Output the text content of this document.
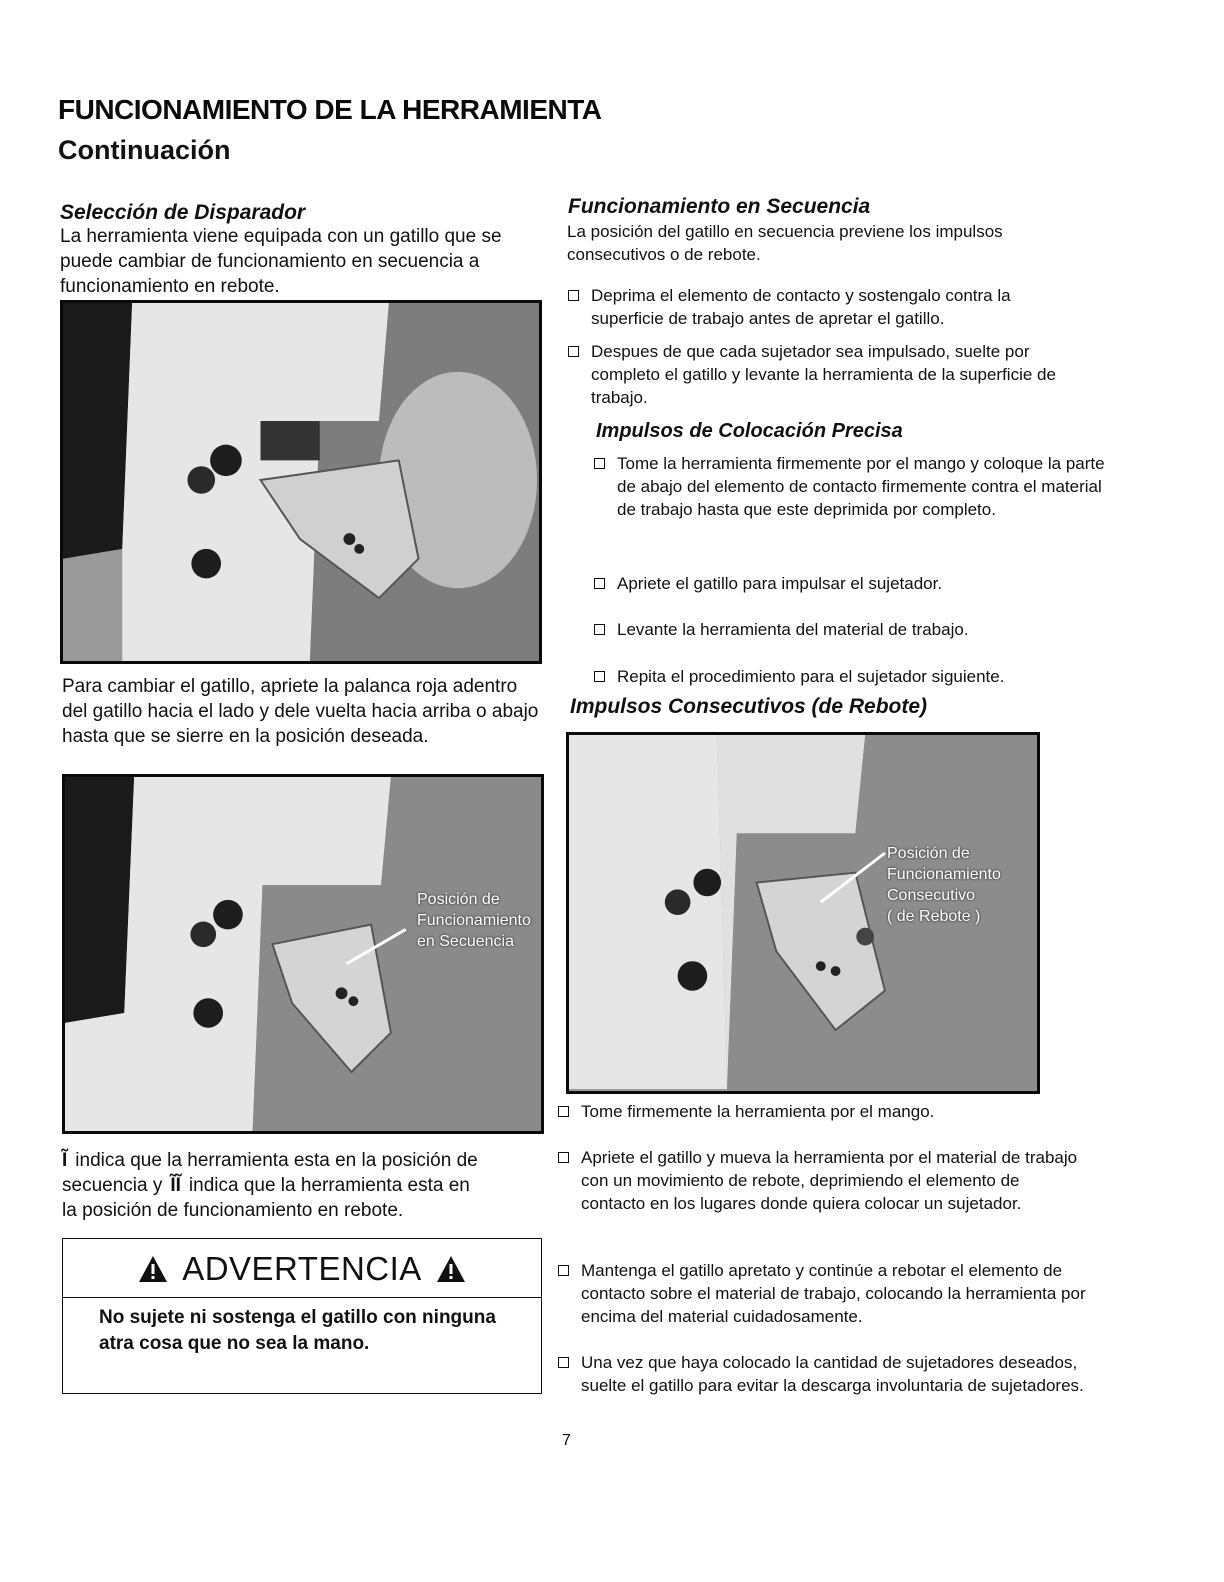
FUNCIONAMIENTO DE LA HERRAMIENTA
Continuación
Selección de Disparador
La herramienta viene equipada con un gatillo que se puede cambiar de funcionamiento en secuencia a funcionamiento en rebote.
Para cambiar el gatillo, apriete la palanca roja adentro del gatillo hacia el lado y dele vuelta hacia arriba o abajo hasta que se sierre en la posición deseada.
Posición de
Funcionamiento
en Secuencia
Ĩ indica que la herramienta esta en la posición de
secuencia y ĨĨ indica que la herramienta esta en
la posición de funcionamiento en rebote.
ADVERTENCIA
No sujete ni sostenga el gatillo con ninguna atra cosa que no sea la mano.
Funcionamiento en Secuencia
La posición del gatillo en secuencia previene los impulsos consecutivos o de rebote.
Deprima el elemento de contacto y sostengalo contra la superficie de trabajo antes de apretar el gatillo.
Despues de que cada sujetador sea impulsado, suelte por completo el gatillo y levante la herramienta de la superficie de trabajo.
Impulsos de Colocación Precisa
Tome la herramienta firmemente por el mango y coloque la parte de abajo del elemento de contacto firmemente contra el material de trabajo hasta que este deprimida por completo.
Apriete el gatillo para impulsar el sujetador.
Levante la herramienta del material de trabajo.
Repita el procedimiento para el sujetador siguiente.
Impulsos Consecutivos (de Rebote)
Posición de
Funcionamiento
Consecutivo
( de Rebote )
Tome firmemente la herramienta por el mango.
Apriete el gatillo y mueva la herramienta por el material de trabajo con un movimiento de rebote, deprimiendo el elemento de contacto en los lugares donde quiera colocar un sujetador.
Mantenga el gatillo apretato y continúe a rebotar el elemento de contacto sobre el material de trabajo, colocando la herramienta por encima del material cuidadosamente.
Una vez que haya colocado la cantidad de sujetadores deseados, suelte el gatillo para evitar la descarga involuntaria de sujetadores.
7
